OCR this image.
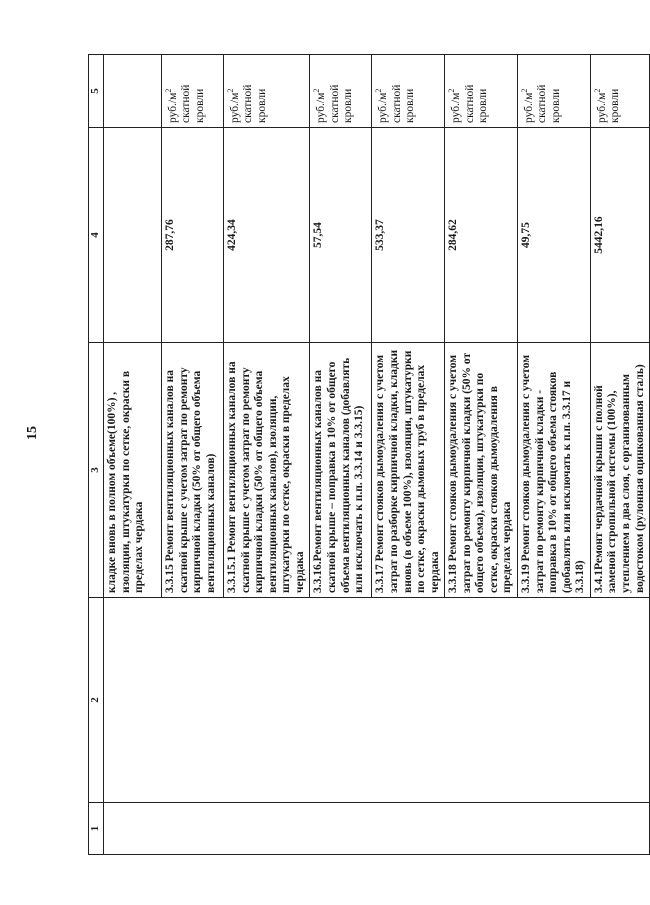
15
1	2	3	4	5
		кладке вновь в полном объеме(100%) , изоляции, штукатурки по сетке, окраски в пределах чердака		
		3.3.15 Ремонт вентиляционных каналов на скатной крыше с учетом затрат по ремонту кирпичной кладки (50% от общего объема вентиляционных каналов)	287,76	$руб./м^2$ скатной кровли
		3.3.15.1 Ремонт вентиляционных каналов на скатной крыше с учетом затрат по ремонту кирпичной кладки (50% от общего объема вентиляционных каналов), изоляции, штукатурки по сетке, окраски в пределах чердака	424,34	$руб./м^2$ скатной кровли
		3.3.16.Ремонт вентиляционных каналов на скатной крыше – поправка в 10% от общего объема вентиляционных каналов (добавлять или исключать к п.п. 3.3.14 и 3.3.15)	57,54	$руб./м^2$ скатной кровли
		3.3.17 Ремонт стояков дымоудаления с учетом затрат по разборке кирпичной кладки, кладки вновь (в объеме 100%), изоляции, штукатурки по сетке, окраски дымовых труб в пределах чердака	533,37	$руб./м^2$ скатной кровли
		3.3.18 Ремонт стояков дымоудаления с учетом затрат по ремонту кирпичной кладки (50% от общего объема), изоляции, штукатурки по сетке, окраски стояков дымоудаления в пределах чердака	284,62	$руб./м^2$ скатной кровли
		3.3.19 Ремонт стояков дымоудаления с учетом затрат по ремонту кирпичной кладки - поправка в 10% от общего объема стояков (добавлять или исключать к п.п. 3.3.17 и 3.3.18)	49,75	$руб./м^2$ скатной кровли
		3.4.1Ремонт чердачной крыши с полной заменой стропильной системы (100%), утеплением в два слоя, с организованным водостоком (рулонная оцинкованная сталь)	5442,16	$руб./м^2$ кровли
